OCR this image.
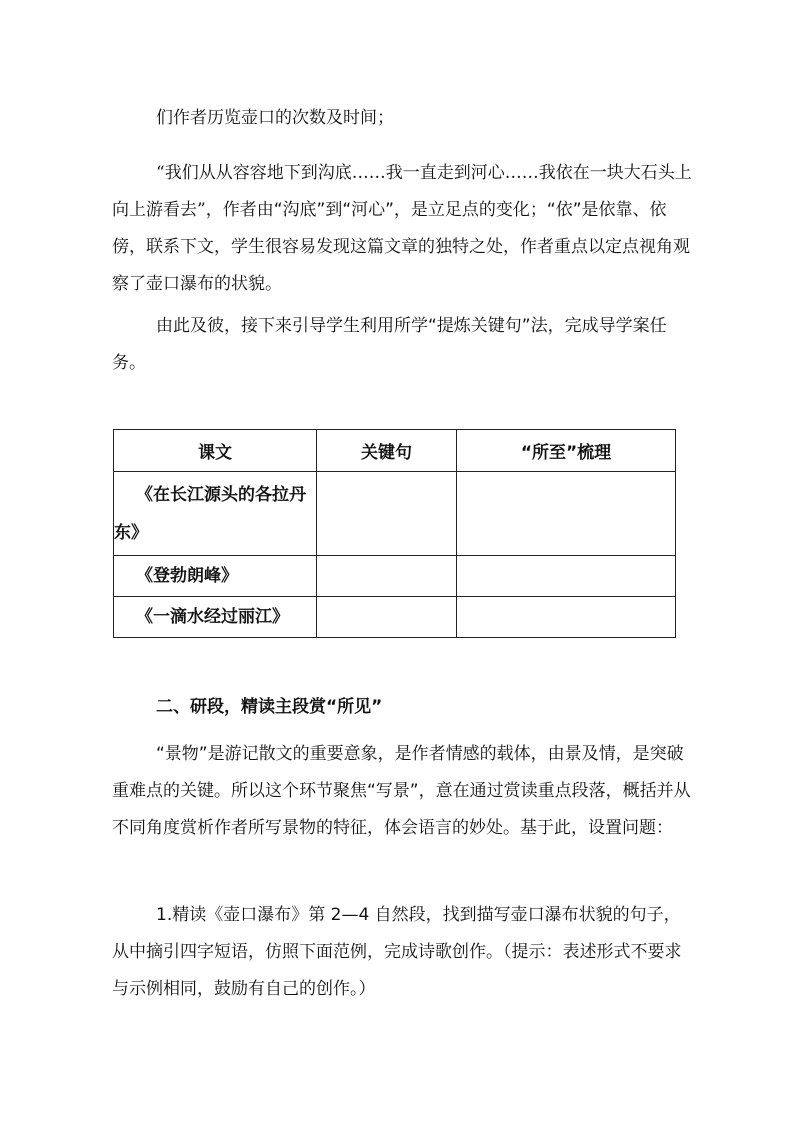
们作者历览壶口的次数及时间；

“我们从从容容地下到沟底……我一直走到河心……我依在一块大石头上向上游看去”，作者由“沟底”到“河心”，是立足点的变化；“依”是依靠、依傍，联系下文，学生很容易发现这篇文章的独特之处，作者重点以定点视角观察了壶口瀑布的状貌。

由此及彼，接下来引导学生利用所学“提炼关键句”法，完成导学案任务。

课文	关键句	“所至”梳理

《在长江源头的各拉丹东》		

《登勃朗峰》		

《一滴水经过丽江》		

二、研段，精读主段赏“所见”

“景物”是游记散文的重要意象，是作者情感的载体，由景及情，是突破重难点的关键。所以这个环节聚焦“写景”，意在通过赏读重点段落，概括并从不同角度赏析作者所写景物的特征，体会语言的妙处。基于此，设置问题：

1.精读《壶口瀑布》第 2—4 自然段，找到描写壶口瀑布状貌的句子，从中摘引四字短语，仿照下面范例，完成诗歌创作。（提示：表述形式不要求与示例相同，鼓励有自己的创作。）
